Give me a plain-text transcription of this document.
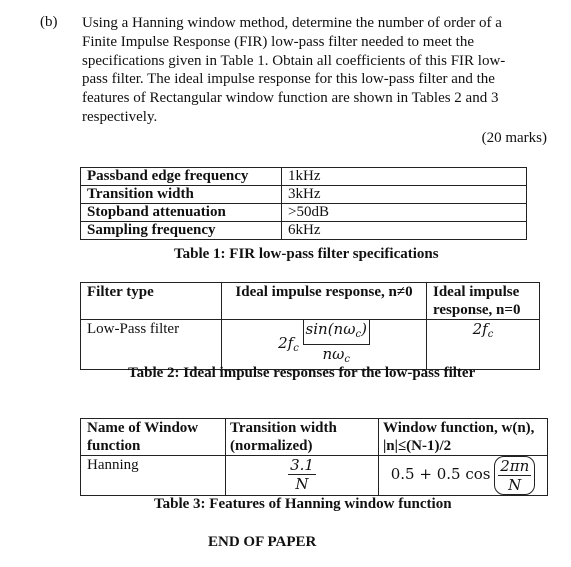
(b) Using a Hanning window method, determine the number of order of a
Finite Impulse Response (FIR) low-pass filter needed to meet the
specifications given in Table 1. Obtain all coefficients of this FIR low-
pass filter. The ideal impulse response for this low-pass filter and the
features of Rectangular window function are shown in Tables 2 and 3
respectively.
(20 marks)
Passband edge frequency	1kHz
Transition width	3kHz
Stopband attenuation	>50dB
Sampling frequency	6kHz
Table 1: FIR low-pass filter specifications
Filter type	Ideal impulse response, n≠0	Ideal impulse response, n=0
Low-Pass filter	$2f_c \frac{\sin(n\omega_c)}{n\omega_c}$	$2f_c$
Table 2: Ideal impulse responses for the low-pass filter
Name of Window function	Transition width (normalized)	Window function, w(n), |n|≤(N-1)/2
Hanning	$\frac{3.1}{N}$	0.5 + 0.5 $\cos \frac{2\pi n}{N}$
Table 3: Features of Hanning window function
END OF PAPER
